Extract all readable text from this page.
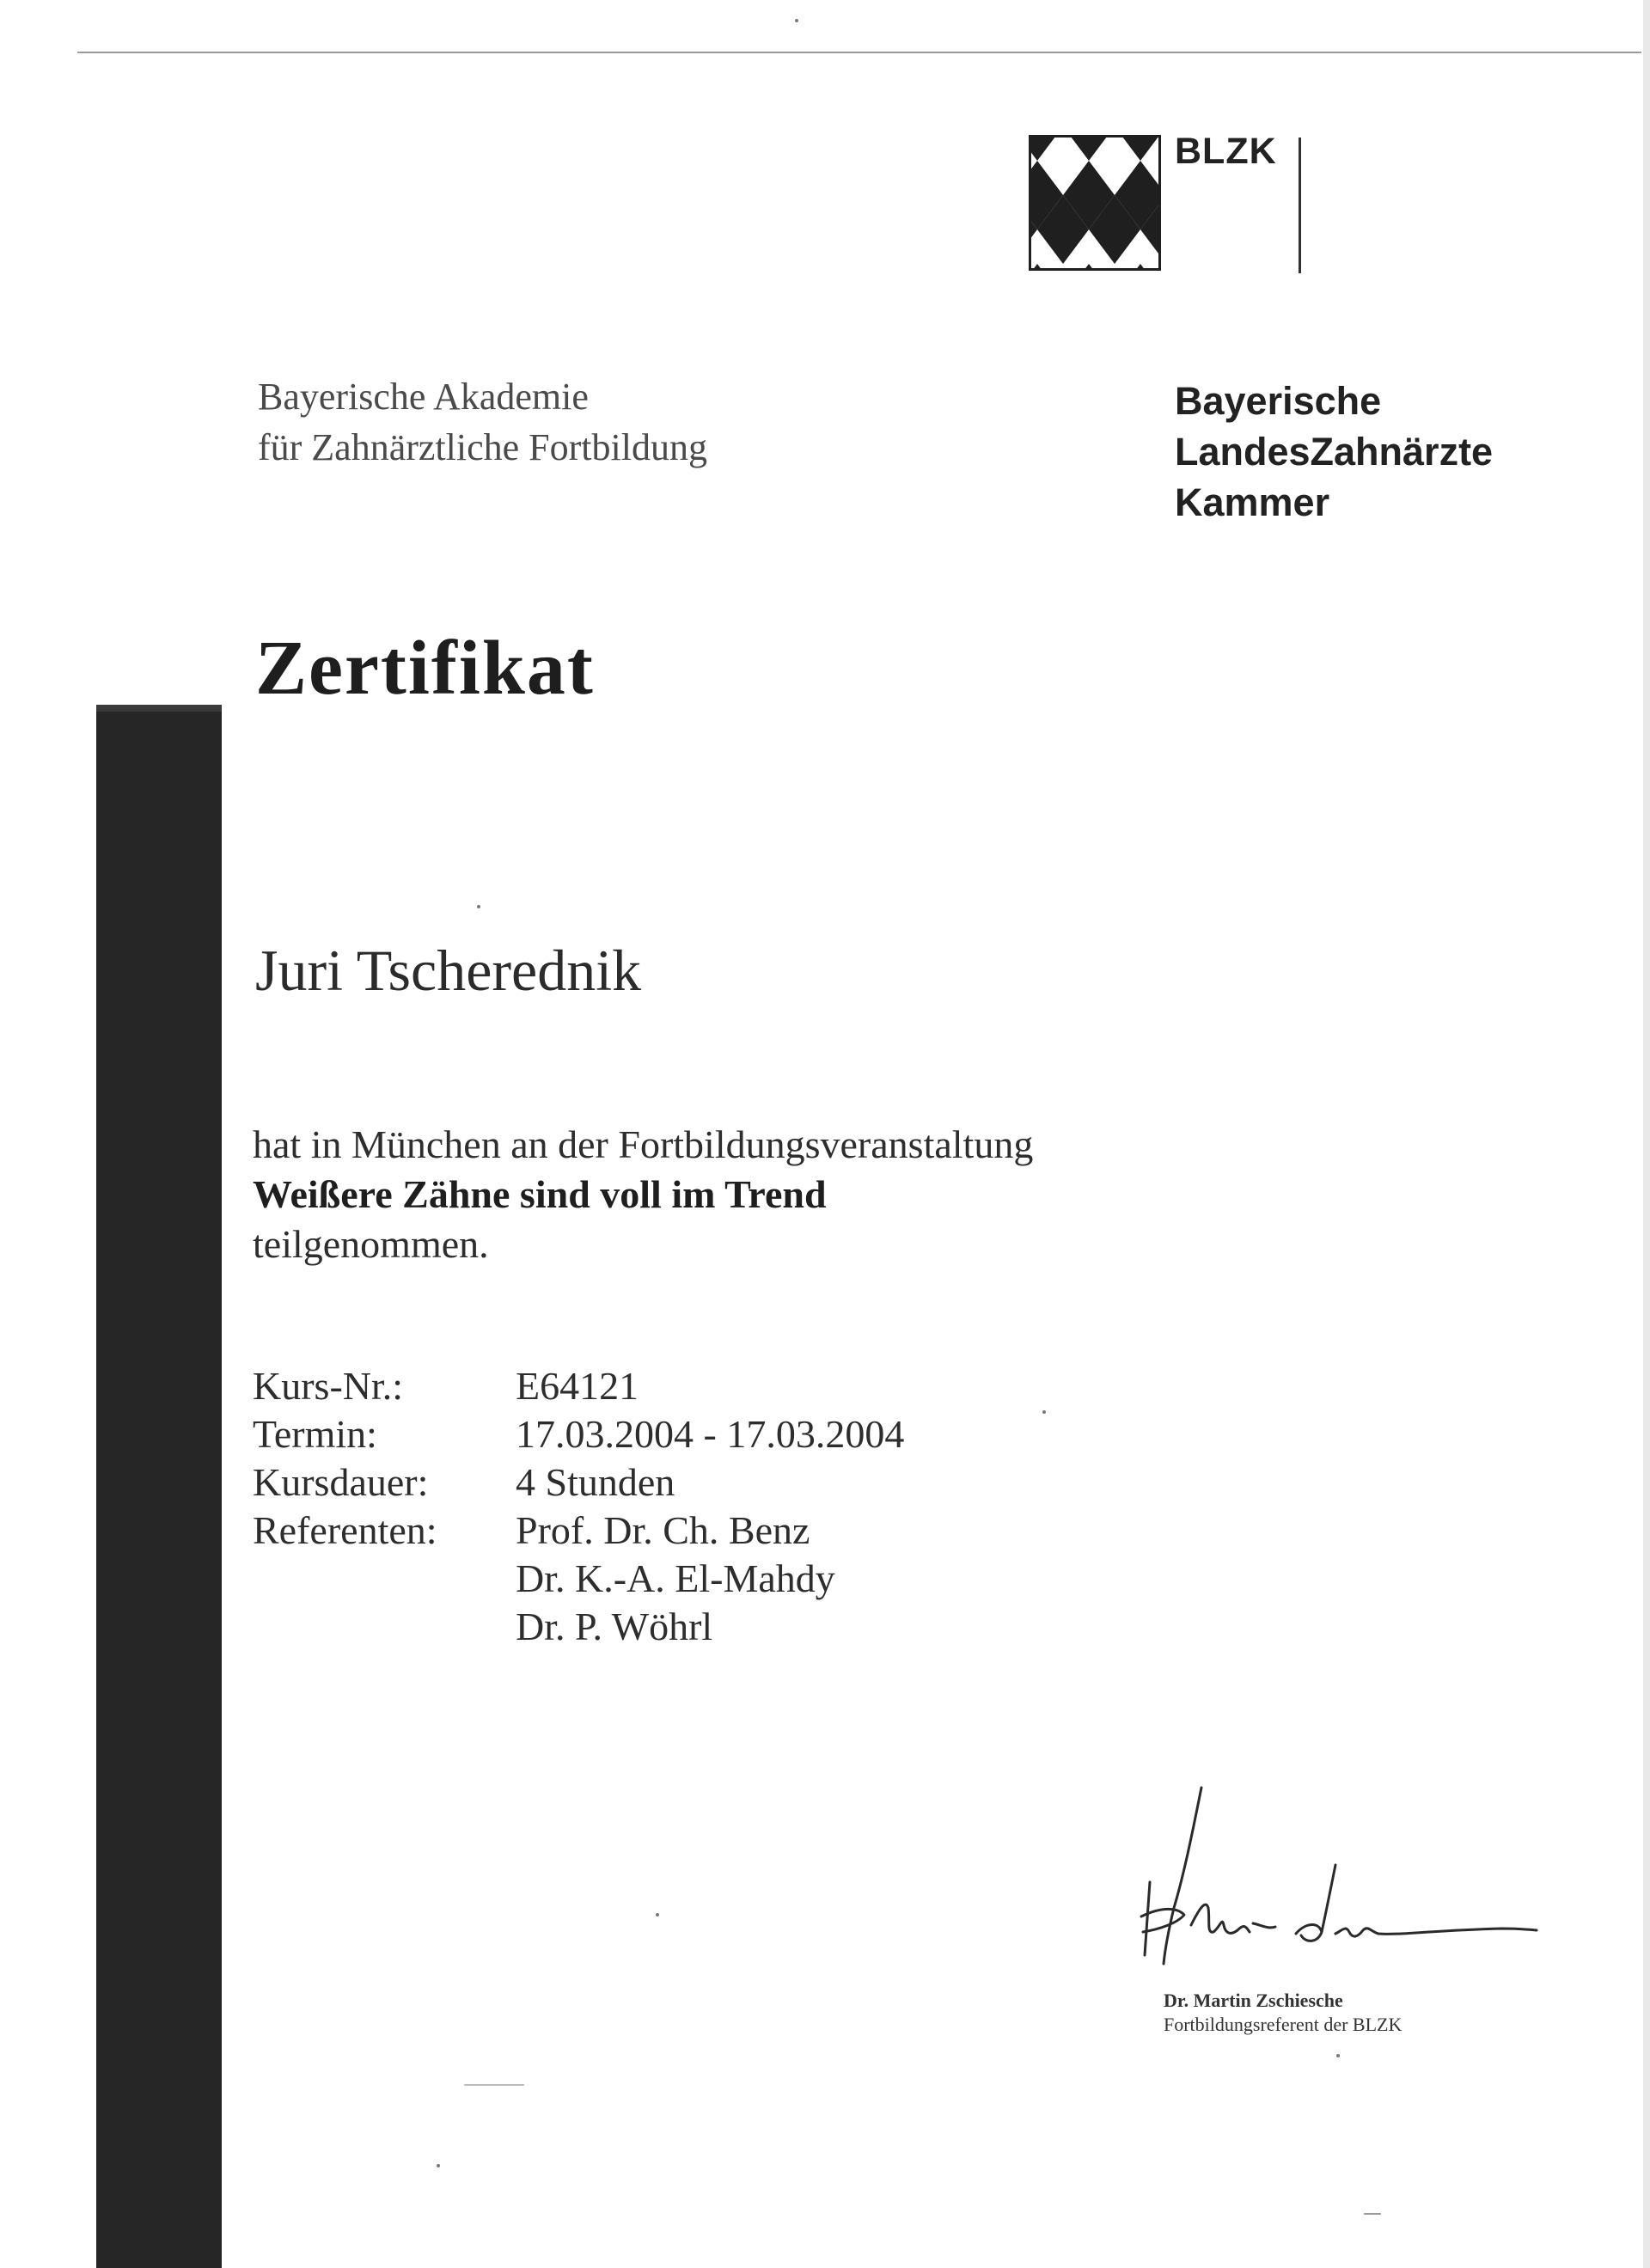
BLZK
Bayerische Akademie
für Zahnärztliche Fortbildung
Bayerische
LandesZahnärzte
Kammer
Zertifikat
Juri Tscherednik
hat in München an der Fortbildungsveranstaltung
Weißere Zähne sind voll im Trend
teilgenommen.
Kurs-Nr.:	E64121
Termin:	17.03.2004 - 17.03.2004
Kursdauer:	4 Stunden
Referenten:	Prof. Dr. Ch. Benz
Dr. K.-A. El-Mahdy
Dr. P. Wöhrl
Dr. Martin Zschiesche
Fortbildungsreferent der BLZK
